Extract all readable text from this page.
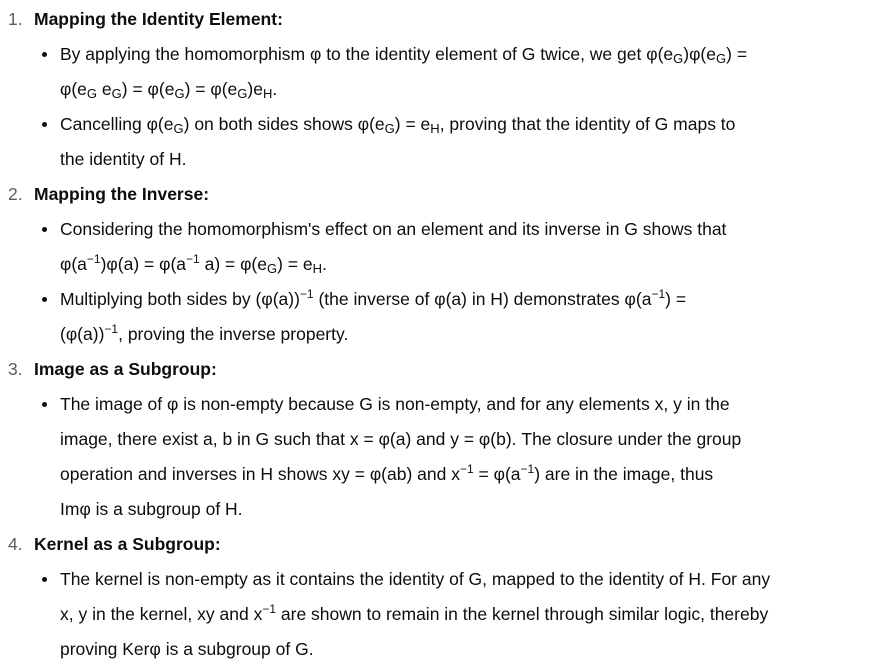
1. Mapping the Identity Element:
By applying the homomorphism φ to the identity element of G twice, we get $\varphi(e_G)\varphi(e_G)$ =
$\varphi(e_G$ $e_G) = \varphi(e_G) = \varphi(e_G)e_H$.
Cancelling $\varphi(e_G)$ on both sides shows $\varphi(e_G) = e_H$, proving that the identity of G maps to
the identity of H.
2. Mapping the Inverse:
Considering the homomorphism's effect on an element and its inverse in G shows that
$\varphi(a^{-1})\varphi(a) = \varphi(a^{-1}$ $a) = \varphi(e_G) = e_H$.
Multiplying both sides by $(\varphi(a))^{-1}$ (the inverse of φ(a) in H) demonstrates $\varphi(a^{-1})$ =
$(\varphi(a))^{-1}$, proving the inverse property.
3. Image as a Subgroup:
The image of φ is non-empty because G is non-empty, and for any elements x, y in the
image, there exist a, b in G such that x = φ(a) and y = φ(b). The closure under the group
operation and inverses in H shows xy = φ(ab) and $x^{-1} = \varphi(a^{-1})$ are in the image, thus
Imφ is a subgroup of H.
4. Kernel as a Subgroup:
The kernel is non-empty as it contains the identity of G, mapped to the identity of H. For any
x, y in the kernel, xy and $x^{-1}$ are shown to remain in the kernel through similar logic, thereby
proving Kerφ is a subgroup of G.
